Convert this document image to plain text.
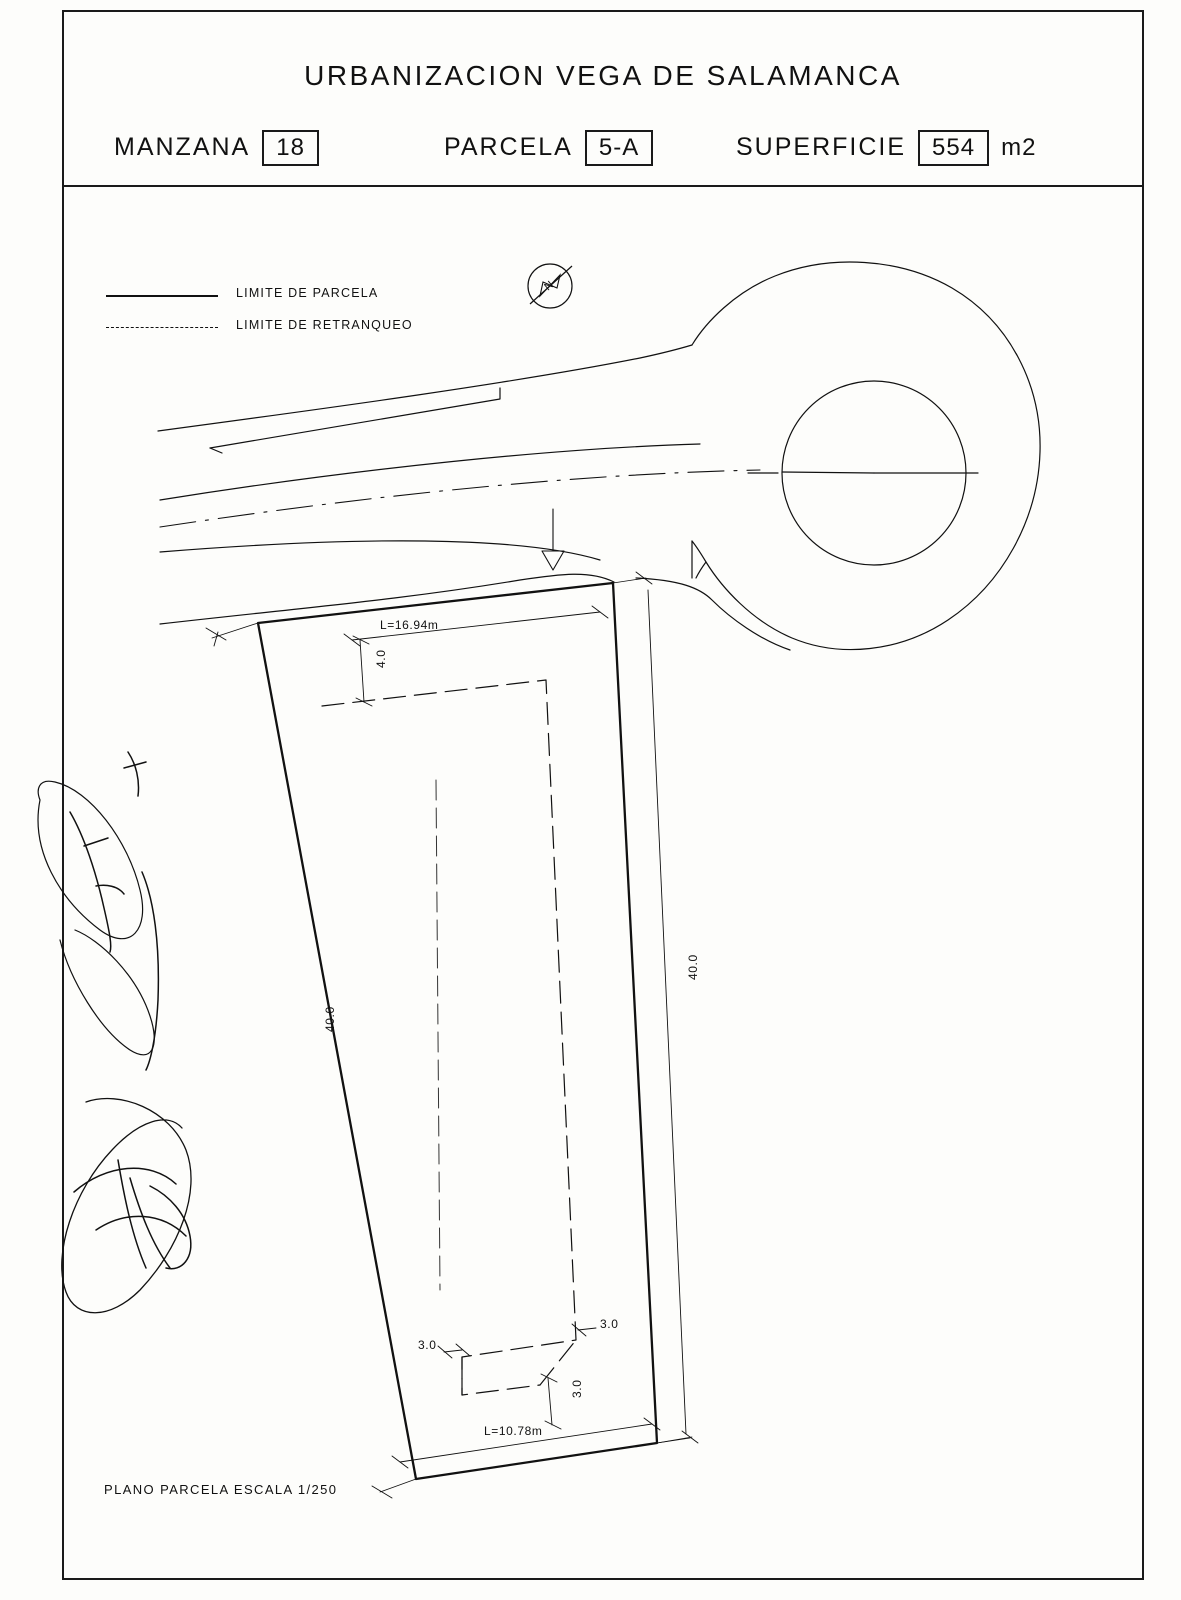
URBANIZACION VEGA DE SALAMANCA
MANZANA	18	PARCELA	5-A	SUPERFICIE	554	m2
LIMITE DE PARCELA
LIMITE DE RETRANQUEO
N
L=16.94m
4.0
40.0
40.0
3.0
3.0
3.0
L=10.78m
PLANO PARCELA ESCALA 1/250
